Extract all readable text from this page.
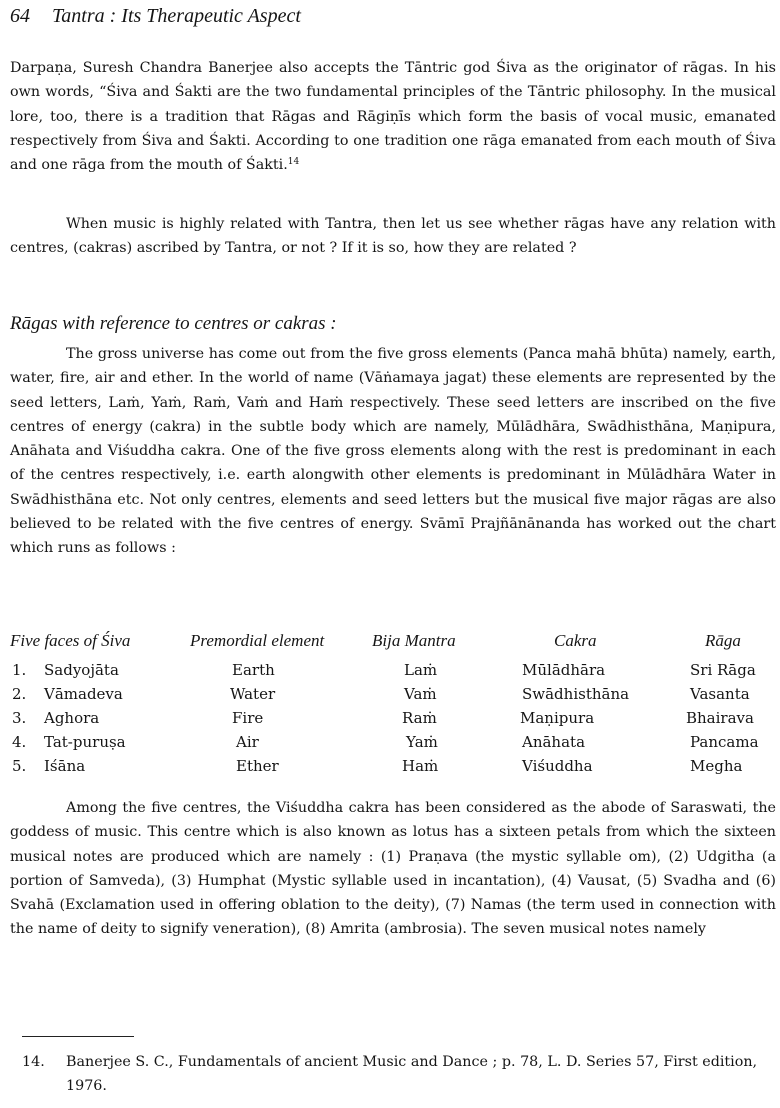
64 Tantra : Its Therapeutic Aspect

Darpaṇa, Suresh Chandra Banerjee also accepts the Tāntric god Śiva as the originator of rāgas. In his own words, “Śiva and Śakti are the two fundamental principles of the Tāntric philosophy. In the musical lore, too, there is a tradition that Rāgas and Rāgiṇīs which form the basis of vocal music, emanated respectively from Śiva and Śakti. According to one tradition one rāga emanated from each mouth of Śiva and one rāga from the mouth of Śakti.$^{14}$

When music is highly related with Tantra, then let us see whether rāgas have any relation with centres, (cakras) ascribed by Tantra, or not ? If it is so, how they are related ?

Rāgas with reference to centres or cakras :

The gross universe has come out from the five gross elements (Panca mahā bhūta) namely, earth, water, fire, air and ether. In the world of name (Vāṅamaya jagat) these elements are represented by the seed letters, Laṁ, Yaṁ, Raṁ, Vaṁ and Haṁ respectively. These seed letters are inscribed on the five centres of energy (cakra) in the subtle body which are namely, Mūlādhāra, Swādhisthāna, Maṇipura, Anāhata and Viśuddha cakra. One of the five gross elements along with the rest is predominant in each of the centres respectively, i.e. earth alongwith other elements is predominant in Mūlādhāra Water in Swādhisthāna etc. Not only centres, elements and seed letters but the musical five major rāgas are also believed to be related with the five centres of energy. Svāmī Prajñānānanda has worked out the chart which runs as follows :

Five faces of Śiva	Premordial element	Bija Mantra	Cakra	Rāga
1. Sadyojāta	Earth	Laṁ	Mūlādhāra	Sri Rāga
2. Vāmadeva	Water	Vaṁ	Swādhisthāna	Vasanta
3. Aghora	Fire	Raṁ	Maṇipura	Bhairava
4. Tat-puruṣa	Air	Yaṁ	Anāhata	Pancama
5. Iśāna	Ether	Haṁ	Viśuddha	Megha

Among the five centres, the Viśuddha cakra has been considered as the abode of Saraswati, the goddess of music. This centre which is also known as lotus has a sixteen petals from which the sixteen musical notes are produced which are namely : (1) Praṇava (the mystic syllable om), (2) Udgitha (a portion of Samveda), (3) Humphat (Mystic syllable used in incantation), (4) Vausat, (5) Svadha and (6) Svahā (Exclamation used in offering oblation to the deity), (7) Namas (the term used in connection with the name of deity to signify veneration), (8) Amrita (ambrosia). The seven musical notes namely

14. Banerjee S. C., Fundamentals of ancient Music and Dance ; p. 78, L. D. Series 57, First edition, 1976.
